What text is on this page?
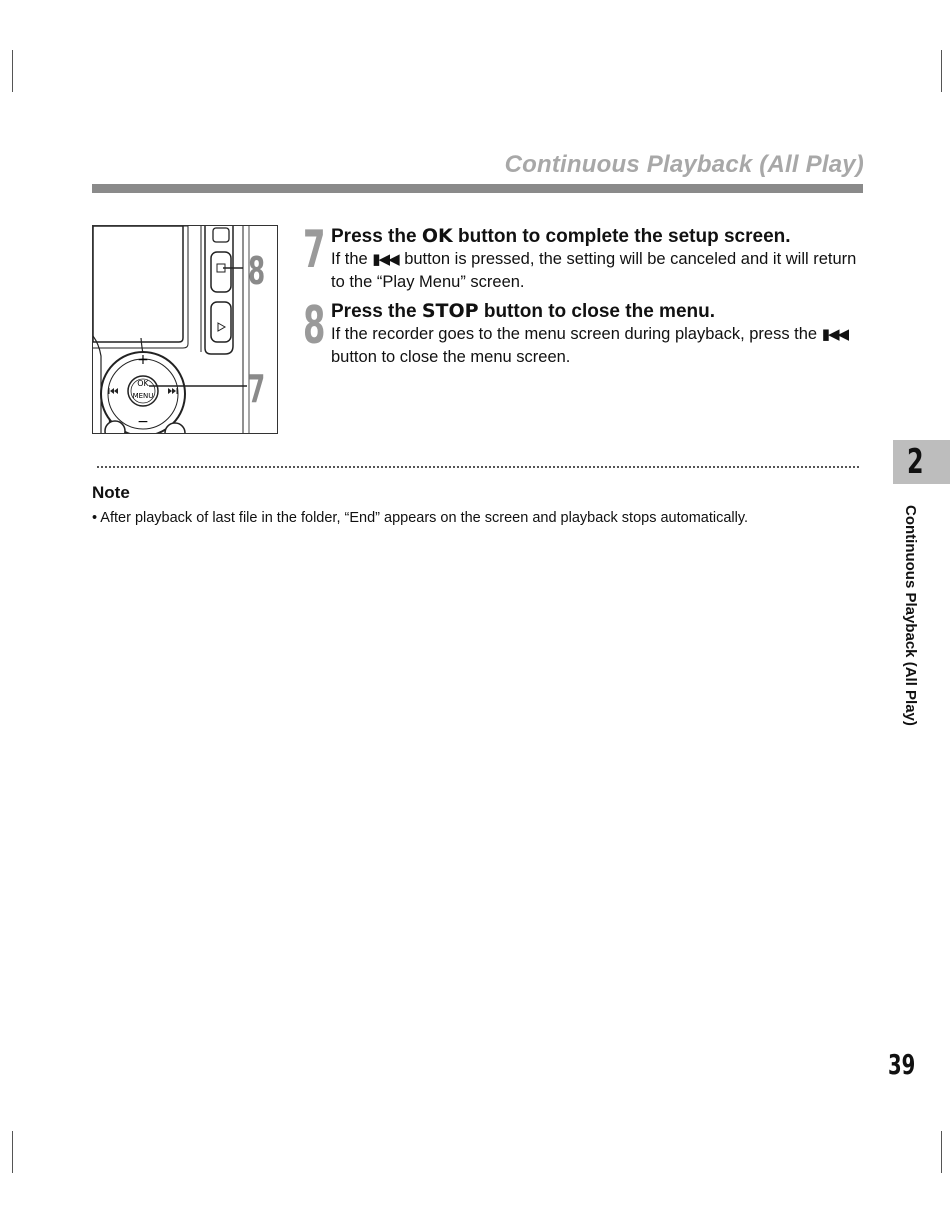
Continuous Playback (All Play)
+
−
OK
MENU
8
7
7 Press the OK button to complete the setup screen.
If the ▮◀◀ button is pressed, the setting will be canceled and it will return to the “Play Menu” screen.
8 Press the STOP button to close the menu.
If the recorder goes to the menu screen during playback, press the ▮◀◀ button to close the menu screen.
Note
• After playback of last file in the folder, “End” appears on the screen and playback stops automatically.
2
Continuous Playback (All Play)
39
